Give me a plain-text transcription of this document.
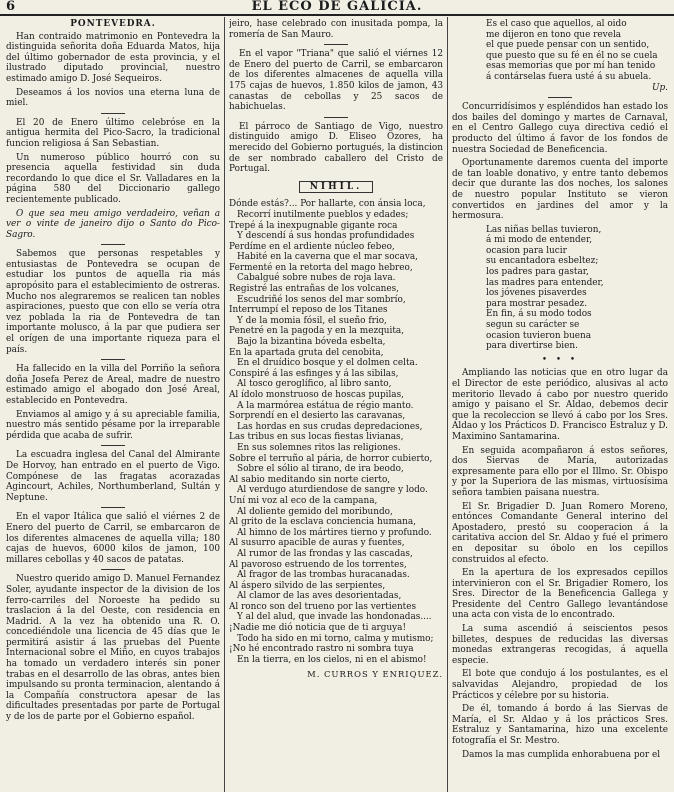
6	EL ECO DE GALICIA.
PONTEVEDRA.

Han contraido matrimonio en Pontevedra la distinguida señorita doña Eduarda Matos, hija del último gobernador de esta provincia, y el ilustrado diputado provincial, nuestro estimado amigo D. José Sequeiros.

Deseamos á los novios una eterna luna de miel.

El 20 de Enero último celebróse en la antigua hermita del Pico-Sacro, la tradicional funcion religiosa á San Sebastian.

Un numeroso público hourró con su presencia aquella festividad sin duda recordando lo que dice el Sr. Valladares en la página 580 del Diccionario gallego recientemente publicado.

O que sea meu amigo verdadeiro, veñan a ver o vinte de janeiro dijo o Santo do Pico-Sagro.

Sabemos que personas respetables y entusiastas de Pontevedra se ocupan de estudiar los puntos de aquella ria más apropósito para el establecimiento de ostreras. Mucho nos alegraremos se realicen tan nobles aspiraciones, puesto que con ello se vería otra vez poblada la ria de Pontevedra de tan importante molusco, á la par que pudiera ser el orígen de una importante riqueza para el país.

Ha fallecido en la villa del Porriño la señora doña Josefa Perez de Areal, madre de nuestro estimado amigo el abogado don José Areal, establecido en Pontevedra.

Enviamos al amigo y á su apreciable familia, nuestro más sentido pésame por la irreparable pérdida que acaba de sufrir.

La escuadra inglesa del Canal del Almirante De Horvoy, han entrado en el puerto de Vigo. Compónese de las fragatas acorazadas Agincourt, Achiles, Northumberland, Sultán y Neptune.

En el vapor Itálica que salió el viérnes 2 de Enero del puerto de Carril, se embarcaron de los diferentes almacenes de aquella villa; 180 cajas de huevos, 6000 kilos de jamon, 100 millares cebollas y 40 sacos de patatas.

Nuestro querido amigo D. Manuel Fernandez Soler, ayudante inspector de la division de los ferro-carriles del Noroeste ha pedido su traslacion á la del Oeste, con residencia en Madrid. A la vez ha obtenido una R. O. concediéndole una licencia de 45 días que le permitirá asistir á las pruebas del Puente Internacional sobre el Miño, en cuyos trabajos ha tomado un verdadero interés sin poner trabas en el desarrollo de las obras, antes bien impulsando su pronta terminacion, alentando á la Compañía constructora apesar de las dificultades presentadas por parte de Portugal y de los de parte por el Gobierno español.

jeiro, hase celebrado con inusitada pompa, la romería de San Mauro.

En el vapor "Triana" que salió el viérnes 12 de Enero del puerto de Carril, se embarcaron de los diferentes almacenes de aquella villa 175 cajas de huevos, 1.850 kilos de jamon, 43 canastas de cebollas y 25 sacos de habichuelas.

El párroco de Santiago de Vigo, nuestro distinguido amigo D. Eliseo Ozores, ha merecido del Gobierno portugués, la distincion de ser nombrado caballero del Cristo de Portugal.

NIHIL.
Dónde estás?... Por hallarte, con ánsia loca,
Recorrí inutilmente pueblos y edades;
Trepé á la inexpugnable gigante roca
Y descendí á sus hondas profundidades
Perdíme en el ardiente núcleo febeo,
Habité en la caverna que el mar socava,
Fermenté en la retorta del mago hebreo,
Cabalgué sobre nubes de roja lava.
Registré las entrañas de los volcanes,
Escudriñé los senos del mar sombrío,
Interrumpí el reposo de los Titanes
Y de la momia fósil, el sueño frio,
Penetré en la pagoda y en la mezquita,
Bajo la bizantina bóveda esbelta,
En la apartada gruta del cenobita,
En el druídico bosque y el dolmen celta.
Conspiré á las esfinges y á las sibilas,
Al tosco geroglífico, al libro santo,
Al ídolo monstruoso de hoscas pupilas,
A la marmórea estátua de régio manto.
Sorprendí en el desierto las caravanas,
Las hordas en sus crudas depredaciones,
Las tribus en sus locas fiestas livianas,
En sus solemnes ritos las religiones.
Sobre el terruño al pária, de horror cubierto,
Sobre el sólio al tirano, de ira beodo,
Al sabio meditando sin norte cierto,
Al verdugo aturdiendose de sangre y lodo.
Uní mi voz al eco de la campana,
Al doliente gemido del moribundo,
Al grito de la esclava conciencia humana,
Al himno de los mártires tierno y profundo.
Al susurro apacible de auras y fuentes,
Al rumor de las frondas y las cascadas,
Al pavoroso estruendo de los torrentes,
Al fragor de las trombas huracanadas.
Al áspero silvido de las serpientes,
Al clamor de las aves desorientadas,
Al ronco son del trueno por las vertientes
Y al del alud, que invade las hondonadas....
¡Nadie me dió noticia que de ti arguya!
Todo ha sido en mi torno, calma y mutismo;
¡No hé encontrado rastro ni sombra tuya
En la tierra, en los cielos, ni en el abismo!
M. CURROS Y ENRIQUEZ.
Es el caso que aquellos, al oido
me dijeron en tono que revela
el que puede pensar con un sentido,
que puesto que su fé en él no se cuela
esas memorias que por mí han tenido
á contárselas fuera usté á su abuela.
Up.

Concurridísimos y espléndidos han estado los dos bailes del domingo y martes de Carnaval, en el Centro Gallego cuya directiva cedió el producto del último á favor de los fondos de nuestra Sociedad de Beneficencia.

Oportunamente daremos cuenta del importe de tan loable donativo, y entre tanto debemos decir que durante las dos noches, los salones de nuestro popular Instituto se vieron convertidos en jardines del amor y la hermosura.

Las niñas bellas tuvieron,
á mi modo de entender,
ocasion para lucir
su encantadora esbeltez;
los padres para gastar,
las madres para entender,
los jóvenes pisaverdes
para mostrar pesadez.
En fin, á su modo todos
segun su carácter se
ocasion tuvieron buena
para divertirse bien.
• • •

Ampliando las noticias que en otro lugar da el Director de este periódico, alusivas al acto meritorio llevado á cabo por nuestro querido amigo y paisano el Sr. Aldao, debemos decir que la recoleccion se llevó á cabo por los Sres. Aldao y los Prácticos D. Francisco Estraluz y D. Maximino Santamarina.

En seguida acompañaron á estos señores, dos Siervas de María, autorizadas expresamente para ello por el Illmo. Sr. Obispo y por la Superiora de las mismas, virtuosísima señora tambien paisana nuestra.

El Sr. Brigadier D. Juan Romero Moreno, entónces Comandante General interino del Apostadero, prestó su cooperacion á la caritativa accion del Sr. Aldao y fué el primero en depositar su óbolo en los cepillos construidos al efecto.

En la apertura de los expresados cepillos intervinieron con el Sr. Brigadier Romero, los Sres. Director de la Beneficencia Gallega y Presidente del Centro Gallego levantándose una acta con vista de lo encontrado.

La suma ascendió á seiscientos pesos billetes, despues de reducidas las diversas monedas extrangeras recogidas, á aquella especie.

El bote que condujo á los postulantes, es el salvavidas Alejandro, propiedad de los Prácticos y célebre por su historia.

De él, tomando á bordo á las Siervas de María, el Sr. Aldao y á los prácticos Sres. Estraluz y Santamarina, hizo una excelente fotografía el Sr. Mestro.

Damos la mas cumplida enhorabuena por el
